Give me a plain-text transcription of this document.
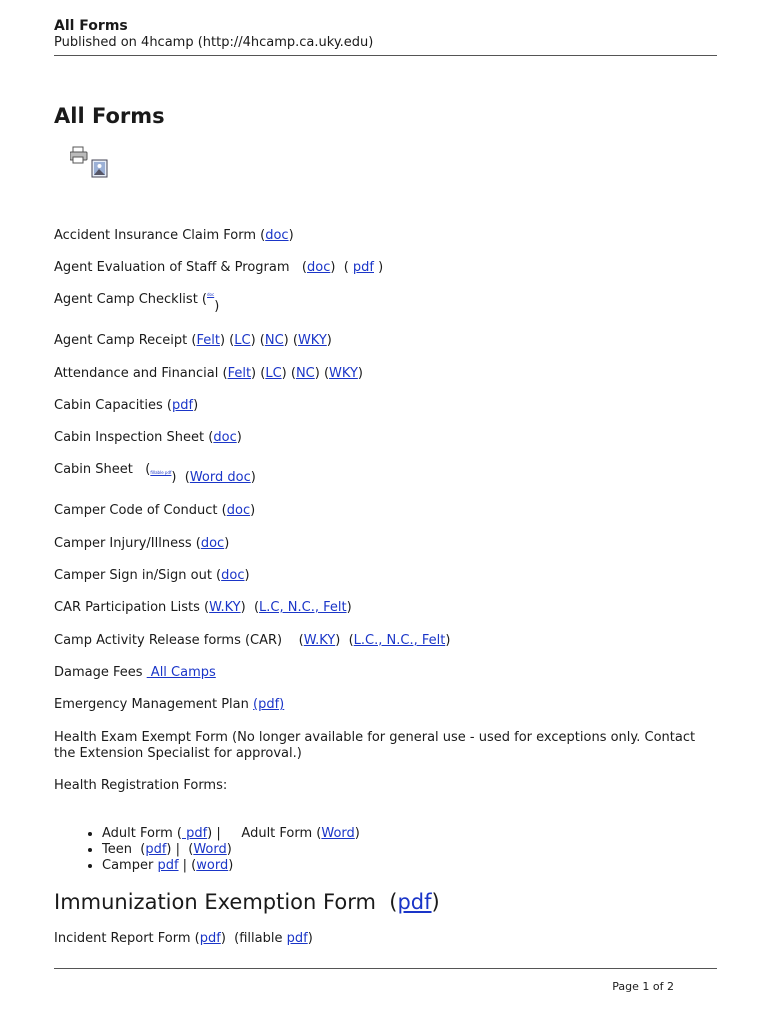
All Forms
Published on 4hcamp (http://4hcamp.ca.uky.edu)
All Forms
Accident Insurance Claim Form (doc)
Agent Evaluation of Staff & Program   (doc)  ( pdf )
Agent Camp Checklist ($^{doc}$)
Agent Camp Receipt (Felt) (LC) (NC) (WKY)
Attendance and Financial (Felt) (LC) (NC) (WKY)
Cabin Capacities (pdf)
Cabin Inspection Sheet (doc)
Cabin Sheet   ($^{fillable pdf}$)  (Word doc)
Camper Code of Conduct (doc)
Camper Injury/Illness (doc)
Camper Sign in/Sign out (doc)
CAR Participation Lists (W.KY)  (L.C, N.C., Felt)
Camp Activity Release forms (CAR)    (W.KY)  (L.C., N.C., Felt)
Damage Fees  All Camps
Emergency Management Plan (pdf)
Health Exam Exempt Form (No longer available for general use - used for exceptions only. Contact the Extension Specialist for approval.)
Health Registration Forms:
• Adult Form ( pdf) |     Adult Form (Word)
• Teen  (pdf) |  (Word)
• Camper pdf | (word)
Immunization Exemption Form  (pdf)
Incident Report Form (pdf)  (fillable pdf)
Page 1 of 2
